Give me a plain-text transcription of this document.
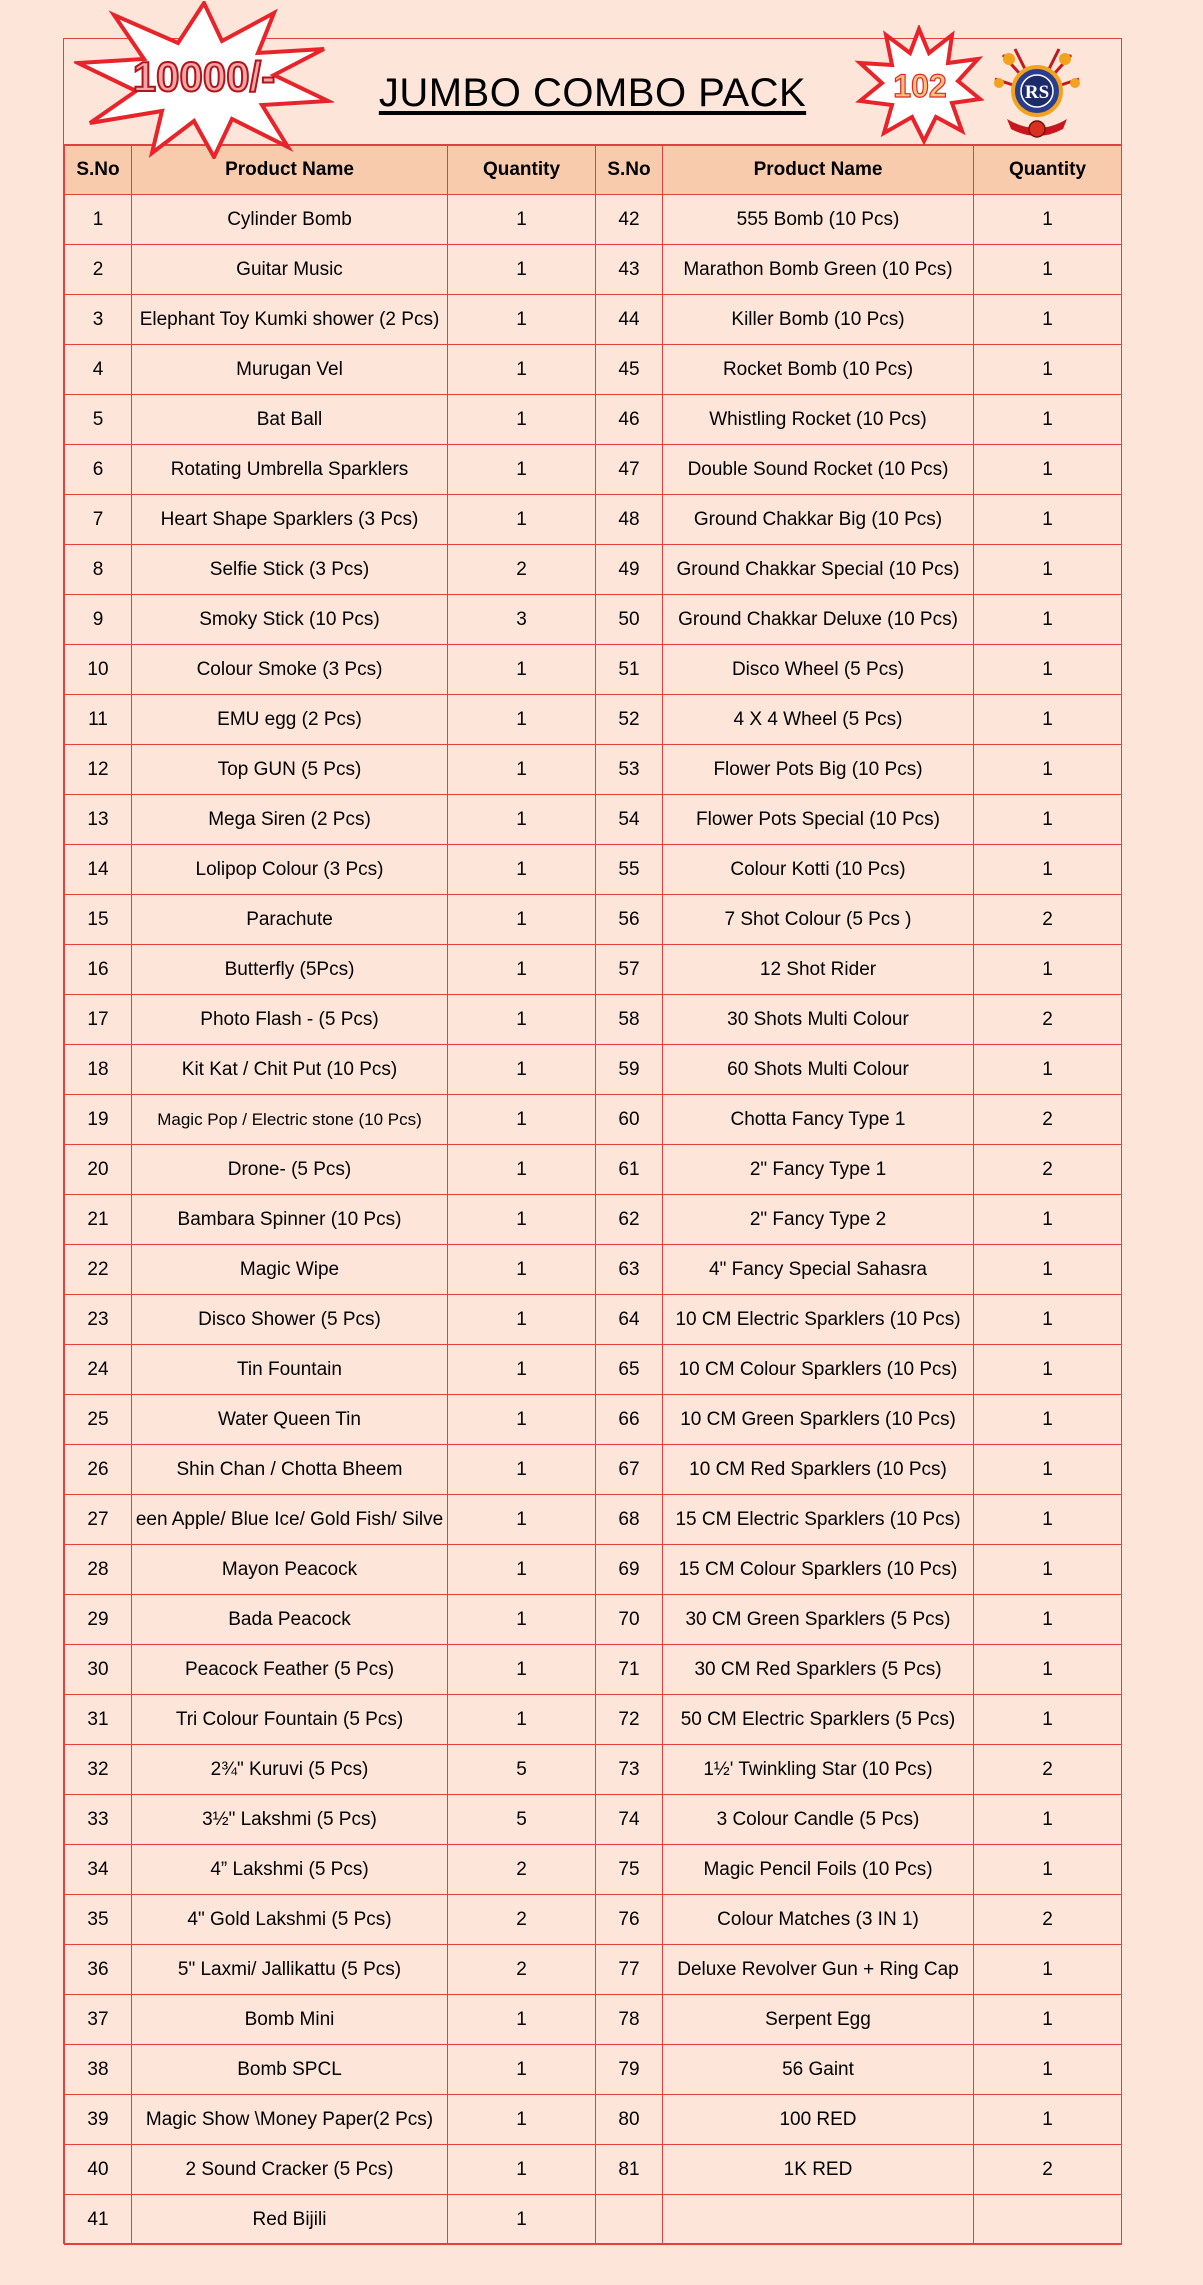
10000/-	JUMBO COMBO PACK	102	RS
S.No	Product Name	Quantity	S.No	Product Name	Quantity
1	Cylinder Bomb	1	42	555 Bomb (10 Pcs)	1
2	Guitar Music	1	43	Marathon Bomb Green (10 Pcs)	1
3	Elephant Toy Kumki shower (2 Pcs)	1	44	Killer Bomb (10 Pcs)	1
4	Murugan Vel	1	45	Rocket Bomb (10 Pcs)	1
5	Bat Ball	1	46	Whistling Rocket (10 Pcs)	1
6	Rotating Umbrella Sparklers	1	47	Double Sound Rocket (10 Pcs)	1
7	Heart Shape Sparklers (3 Pcs)	1	48	Ground Chakkar Big (10 Pcs)	1
8	Selfie Stick (3 Pcs)	2	49	Ground Chakkar Special (10 Pcs)	1
9	Smoky Stick (10 Pcs)	3	50	Ground Chakkar Deluxe (10 Pcs)	1
10	Colour Smoke (3 Pcs)	1	51	Disco Wheel (5 Pcs)	1
11	EMU egg (2 Pcs)	1	52	4 X 4 Wheel (5 Pcs)	1
12	Top GUN (5 Pcs)	1	53	Flower Pots Big (10 Pcs)	1
13	Mega Siren (2 Pcs)	1	54	Flower Pots Special (10 Pcs)	1
14	Lolipop Colour (3 Pcs)	1	55	Colour Kotti (10 Pcs)	1
15	Parachute	1	56	7 Shot Colour (5 Pcs )	2
16	Butterfly (5Pcs)	1	57	12 Shot Rider	1
17	Photo Flash - (5 Pcs)	1	58	30 Shots Multi Colour	2
18	Kit Kat / Chit Put (10 Pcs)	1	59	60 Shots Multi Colour	1
19	Magic Pop / Electric stone (10 Pcs)	1	60	Chotta Fancy Type 1	2
20	Drone- (5 Pcs)	1	61	2" Fancy Type 1	2
21	Bambara Spinner (10 Pcs)	1	62	2" Fancy Type 2	1
22	Magic Wipe	1	63	4" Fancy Special Sahasra	1
23	Disco Shower (5 Pcs)	1	64	10 CM Electric Sparklers (10 Pcs)	1
24	Tin Fountain	1	65	10 CM Colour Sparklers (10 Pcs)	1
25	Water Queen Tin	1	66	10 CM Green Sparklers (10 Pcs)	1
26	Shin Chan / Chotta Bheem	1	67	10 CM Red Sparklers (10 Pcs)	1
27	een Apple/ Blue Ice/ Gold Fish/ Silve	1	68	15 CM Electric Sparklers (10 Pcs)	1
28	Mayon Peacock	1	69	15 CM Colour Sparklers (10 Pcs)	1
29	Bada Peacock	1	70	30 CM Green Sparklers (5 Pcs)	1
30	Peacock Feather (5 Pcs)	1	71	30 CM Red Sparklers (5 Pcs)	1
31	Tri Colour Fountain (5 Pcs)	1	72	50 CM Electric Sparklers (5 Pcs)	1
32	2¾" Kuruvi (5 Pcs)	5	73	1½' Twinkling Star (10 Pcs)	2
33	3½" Lakshmi (5 Pcs)	5	74	3 Colour Candle (5 Pcs)	1
34	4” Lakshmi (5 Pcs)	2	75	Magic Pencil Foils (10 Pcs)	1
35	4" Gold Lakshmi (5 Pcs)	2	76	Colour Matches (3 IN 1)	2
36	5" Laxmi/ Jallikattu (5 Pcs)	2	77	Deluxe Revolver Gun + Ring Cap	1
37	Bomb Mini	1	78	Serpent Egg	1
38	Bomb SPCL	1	79	56 Gaint	1
39	Magic Show \Money Paper(2 Pcs)	1	80	100 RED	1
40	2 Sound Cracker (5 Pcs)	1	81	1K RED	2
41	Red Bijili	1			
